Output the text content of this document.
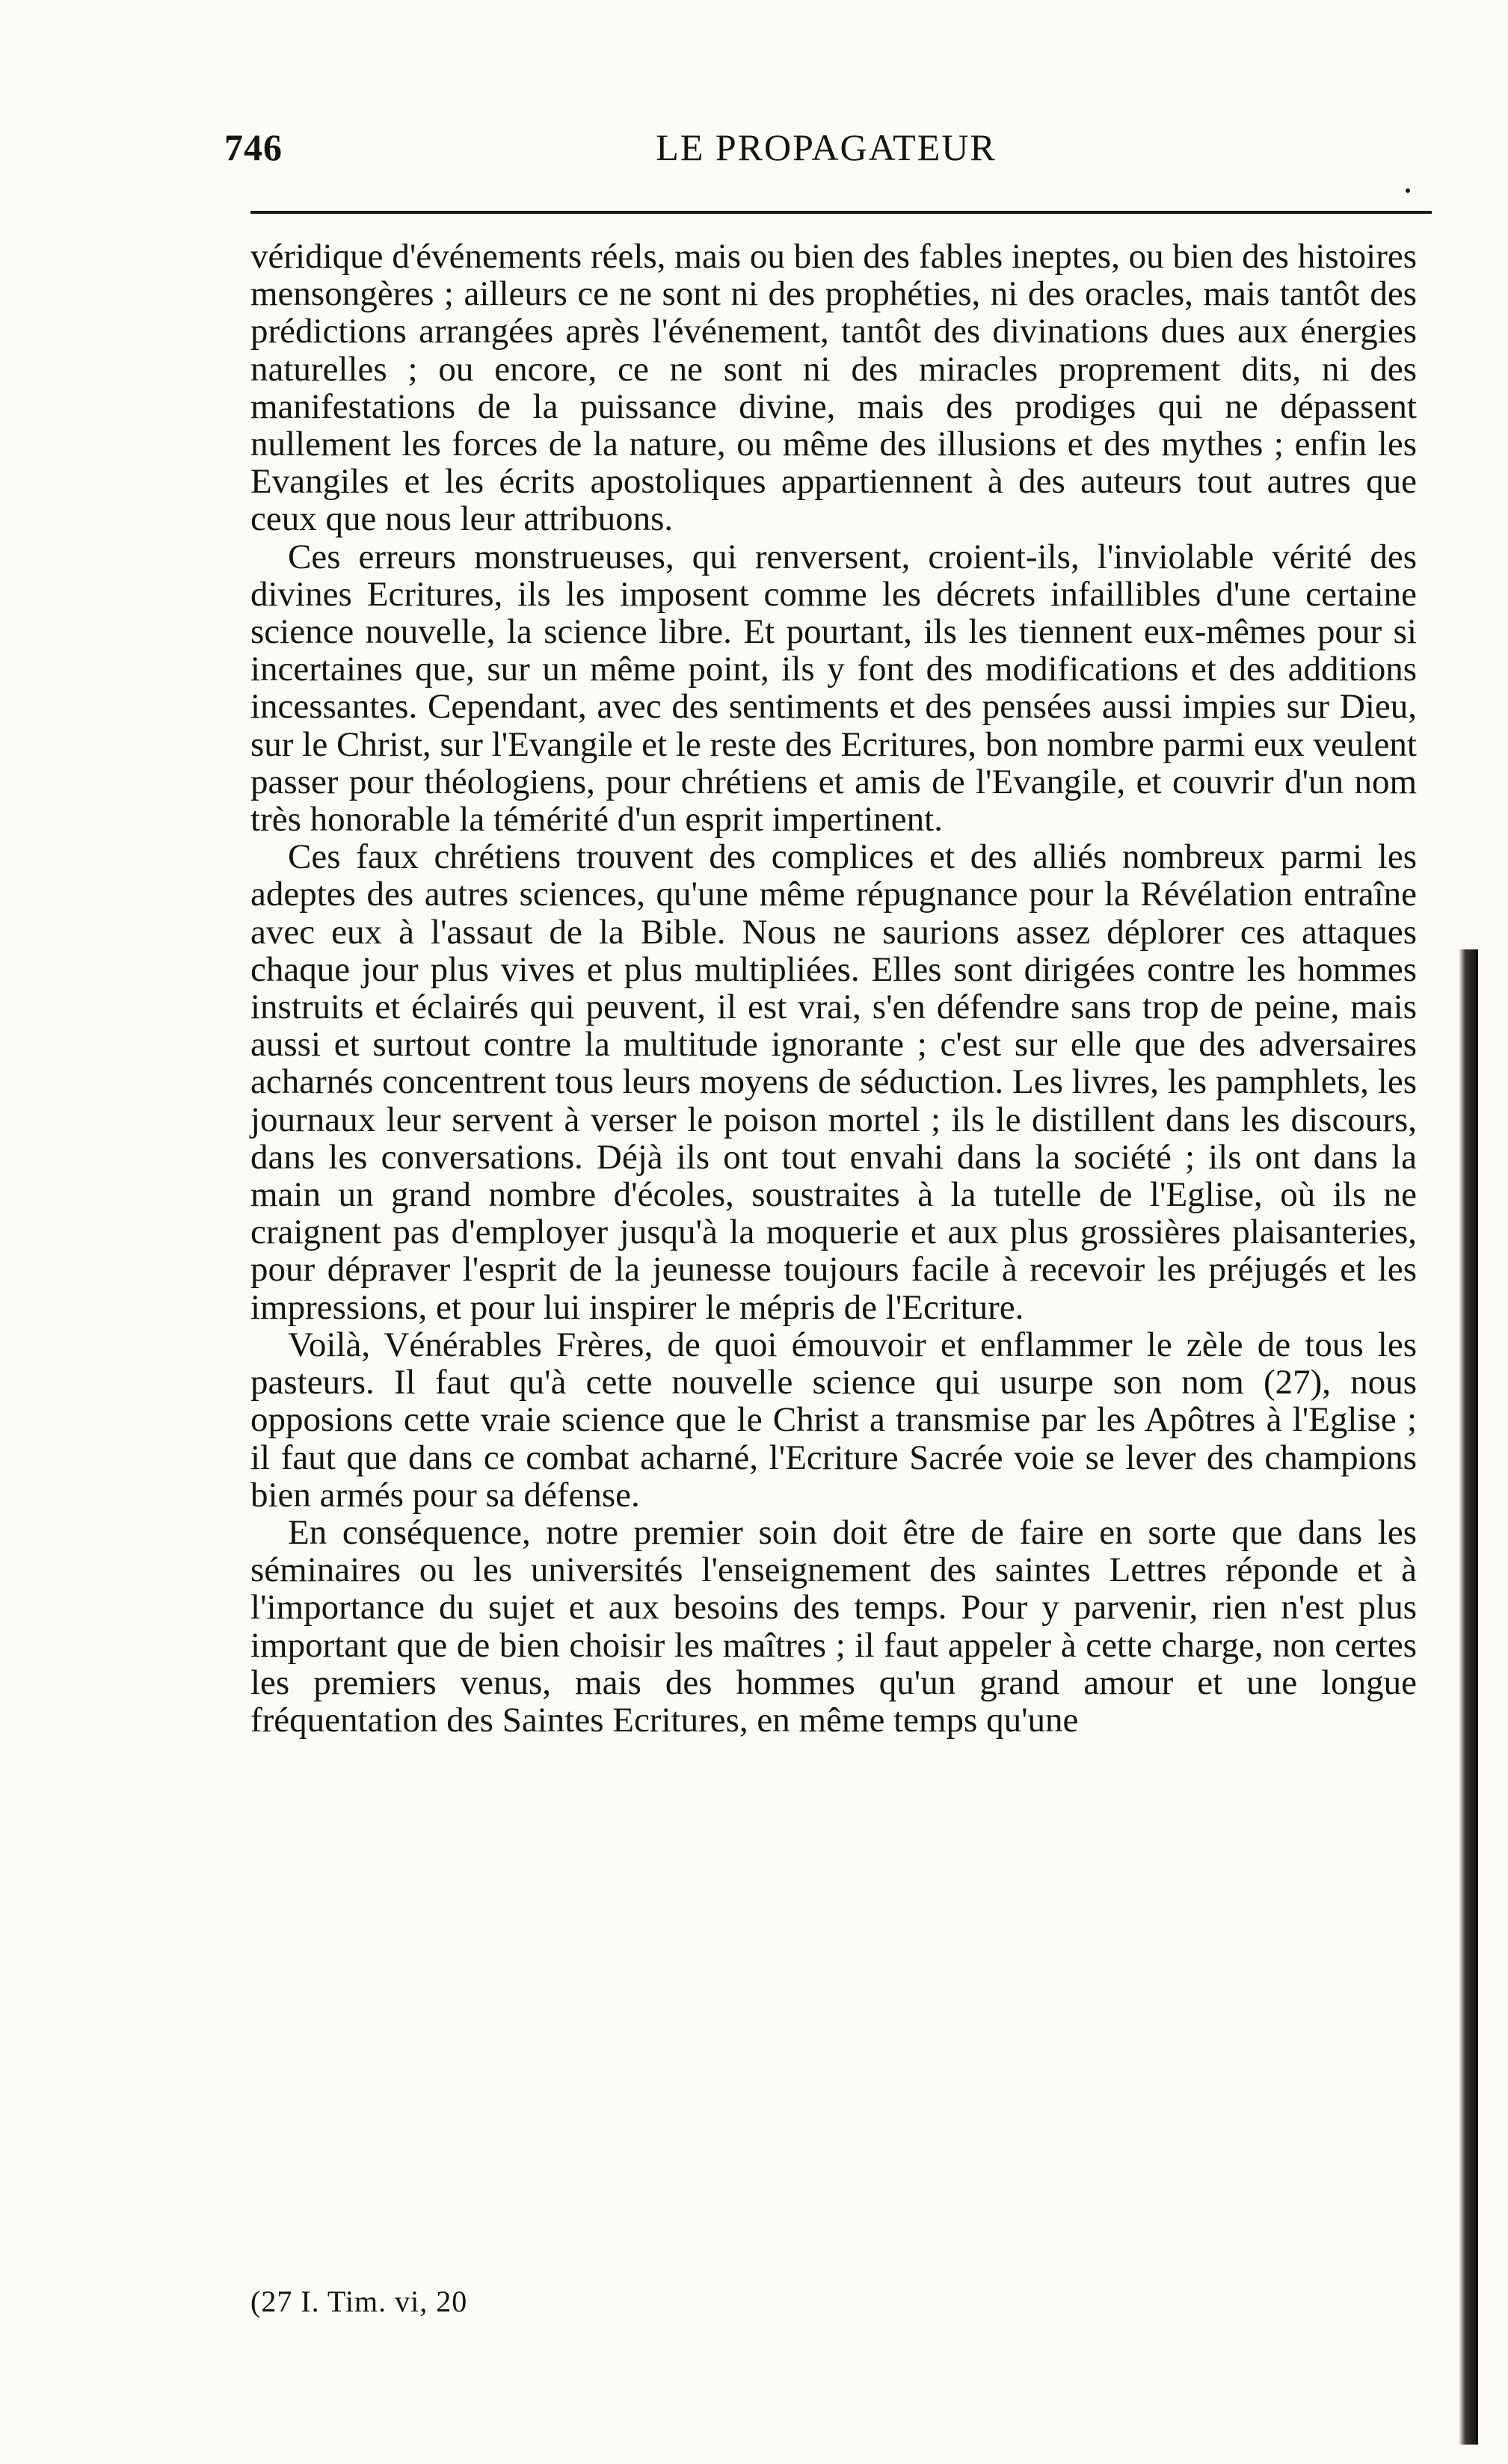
746	LE PROPAGATEUR

véridique d'événements réels, mais ou bien des fables ineptes, ou bien des histoires mensongères ; ailleurs ce ne sont ni des prophéties, ni des oracles, mais tantôt des prédictions arrangées après l'événement, tantôt des divinations dues aux énergies naturelles ; ou encore, ce ne sont ni des miracles proprement dits, ni des manifestations de la puissance divine, mais des prodiges qui ne dépassent nullement les forces de la nature, ou même des illusions et des mythes ; enfin les Evangiles et les écrits apostoliques appartiennent à des auteurs tout autres que ceux que nous leur attribuons.

Ces erreurs monstrueuses, qui renversent, croient-ils, l'inviolable vérité des divines Ecritures, ils les imposent comme les décrets infaillibles d'une certaine science nouvelle, la science libre. Et pourtant, ils les tiennent eux-mêmes pour si incertaines que, sur un même point, ils y font des modifications et des additions incessantes. Cependant, avec des sentiments et des pensées aussi impies sur Dieu, sur le Christ, sur l'Evangile et le reste des Ecritures, bon nombre parmi eux veulent passer pour théologiens, pour chrétiens et amis de l'Evangile, et couvrir d'un nom très honorable la témérité d'un esprit impertinent.

Ces faux chrétiens trouvent des complices et des alliés nombreux parmi les adeptes des autres sciences, qu'une même répugnance pour la Révélation entraîne avec eux à l'assaut de la Bible. Nous ne saurions assez déplorer ces attaques chaque jour plus vives et plus multipliées. Elles sont dirigées contre les hommes instruits et éclairés qui peuvent, il est vrai, s'en défendre sans trop de peine, mais aussi et surtout contre la multitude ignorante ; c'est sur elle que des adversaires acharnés concentrent tous leurs moyens de séduction. Les livres, les pamphlets, les journaux leur servent à verser le poison mortel ; ils le distillent dans les discours, dans les conversations. Déjà ils ont tout envahi dans la société ; ils ont dans la main un grand nombre d'écoles, soustraites à la tutelle de l'Eglise, où ils ne craignent pas d'employer jusqu'à la moquerie et aux plus grossières plaisanteries, pour dépraver l'esprit de la jeunesse toujours facile à recevoir les préjugés et les impressions, et pour lui inspirer le mépris de l'Ecriture.

Voilà, Vénérables Frères, de quoi émouvoir et enflammer le zèle de tous les pasteurs. Il faut qu'à cette nouvelle science qui usurpe son nom (27), nous opposions cette vraie science que le Christ a transmise par les Apôtres à l'Eglise ; il faut que dans ce combat acharné, l'Ecriture Sacrée voie se lever des champions bien armés pour sa défense.

En conséquence, notre premier soin doit être de faire en sorte que dans les séminaires ou les universités l'enseignement des saintes Lettres réponde et à l'importance du sujet et aux besoins des temps. Pour y parvenir, rien n'est plus important que de bien choisir les maîtres ; il faut appeler à cette charge, non certes les premiers venus, mais des hommes qu'un grand amour et une longue fréquentation des Saintes Ecritures, en même temps qu'une

(27 I. Tim. vi, 20
